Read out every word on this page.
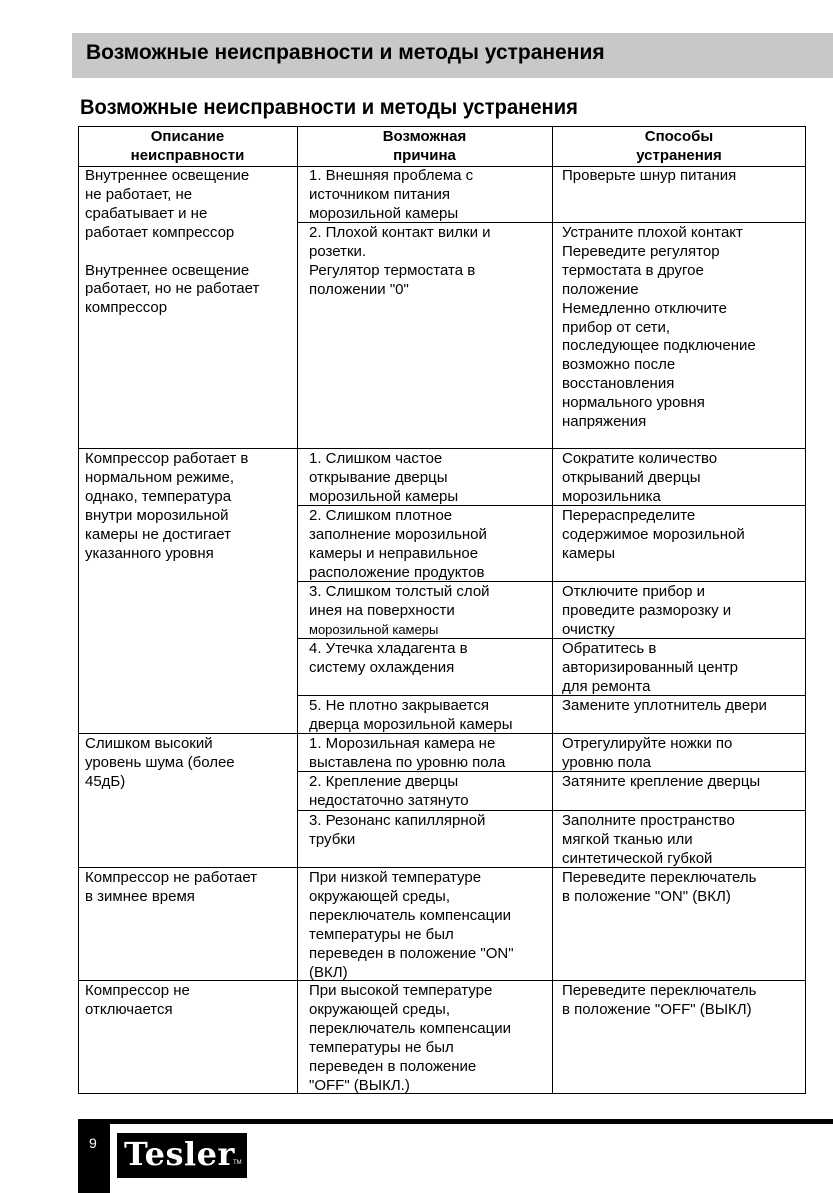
Возможные неисправности и методы устранения
Возможные неисправности и методы устранения
Описание
неисправности
Возможная
причина
Способы
устранения
Внутреннее освещение
не работает, не
срабатывает и не
работает компрессор

Внутреннее освещение
работает, но не работает
компрессор
1. Внешняя проблема с
источником питания
морозильной камеры
Проверьте шнур питания
2. Плохой контакт вилки и
розетки.
Регулятор термостата в
положении "0"
Устраните плохой контакт
Переведите регулятор
термостата в другое
положение
Немедленно отключите
прибор от сети,
последующее подключение
возможно после
восстановления
нормального уровня
напряжения
Компрессор работает в
нормальном режиме,
однако, температура
внутри морозильной
камеры не достигает
указанного уровня
1. Слишком частое
открывание дверцы
морозильной камеры
Сократите количество
открываний дверцы
морозильника
2. Слишком плотное
заполнение морозильной
камеры и неправильное
расположение продуктов
Перераспределите
содержимое морозильной
камеры
3. Слишком толстый слой
инея на поверхности
морозильной камеры
Отключите прибор и
проведите разморозку и
очистку
4. Утечка хладагента в
систему охлаждения
Обратитесь в
авторизированный центр
для ремонта
5. Не плотно закрывается
дверца морозильной камеры
Замените уплотнитель двери
Слишком высокий
уровень шума (более
45дБ)
1. Морозильная камера не
выставлена по уровню пола
Отрегулируйте ножки по
уровню пола
2. Крепление дверцы
недостаточно затянуто
Затяните крепление дверцы
3. Резонанс капиллярной
трубки
Заполните пространство
мягкой тканью или
синтетической губкой
Компрессор не работает
в зимнее время
При низкой температуре
окружающей среды,
переключатель компенсации
температуры не был
переведен в положение "ON"
(ВКЛ)
Переведите переключатель
в положение "ON" (ВКЛ)
Компрессор не
отключается
При высокой температуре
окружающей среды,
переключатель компенсации
температуры не был
переведен в положение
"OFF" (ВЫКЛ.)
Переведите переключатель
в положение "OFF" (ВЫКЛ)
9 Tesler
TM
